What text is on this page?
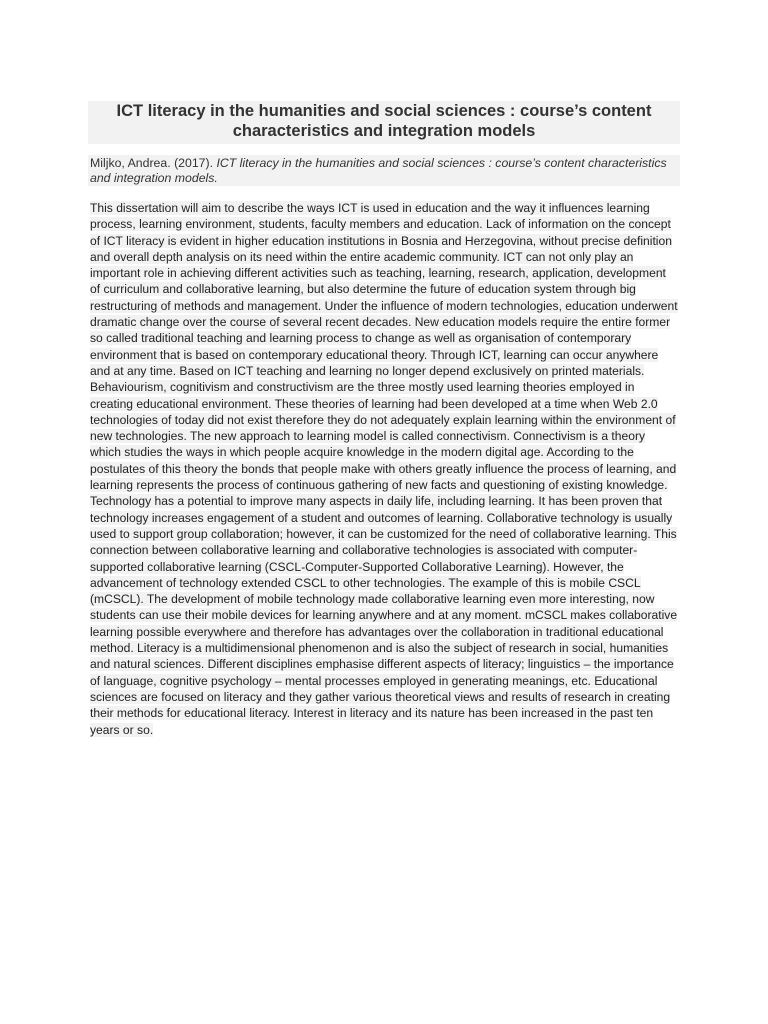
ICT literacy in the humanities and social sciences : course’s content characteristics and integration models

Miljko, Andrea. (2017). ICT literacy in the humanities and social sciences : course’s content characteristics and integration models.

This dissertation will aim to describe the ways ICT is used in education and the way it influences learning process, learning environment, students, faculty members and education. Lack of information on the concept of ICT literacy is evident in higher education institutions in Bosnia and Herzegovina, without precise definition and overall depth analysis on its need within the entire academic community. ICT can not only play an important role in achieving different activities such as teaching, learning, research, application, development of curriculum and collaborative learning, but also determine the future of education system through big restructuring of methods and management. Under the influence of modern technologies, education underwent dramatic change over the course of several recent decades. New education models require the entire former so called traditional teaching and learning process to change as well as organisation of contemporary environment that is based on contemporary educational theory. Through ICT, learning can occur anywhere and at any time. Based on ICT teaching and learning no longer depend exclusively on printed materials. Behaviourism, cognitivism and constructivism are the three mostly used learning theories employed in creating educational environment. These theories of learning had been developed at a time when Web 2.0 technologies of today did not exist therefore they do not adequately explain learning within the environment of new technologies. The new approach to learning model is called connectivism. Connectivism is a theory which studies the ways in which people acquire knowledge in the modern digital age. According to the postulates of this theory the bonds that people make with others greatly influence the process of learning, and learning represents the process of continuous gathering of new facts and questioning of existing knowledge. Technology has a potential to improve many aspects in daily life, including learning. It has been proven that technology increases engagement of a student and outcomes of learning. Collaborative technology is usually used to support group collaboration; however, it can be customized for the need of collaborative learning. This connection between collaborative learning and collaborative technologies is associated with computer-supported collaborative learning (CSCL-Computer-Supported Collaborative Learning). However, the advancement of technology extended CSCL to other technologies. The example of this is mobile CSCL (mCSCL). The development of mobile technology made collaborative learning even more interesting, now students can use their mobile devices for learning anywhere and at any moment. mCSCL makes collaborative learning possible everywhere and therefore has advantages over the collaboration in traditional educational method. Literacy is a multidimensional phenomenon and is also the subject of research in social, humanities and natural sciences. Different disciplines emphasise different aspects of literacy; linguistics – the importance of language, cognitive psychology – mental processes employed in generating meanings, etc. Educational sciences are focused on literacy and they gather various theoretical views and results of research in creating their methods for educational literacy. Interest in literacy and its nature has been increased in the past ten years or so.
